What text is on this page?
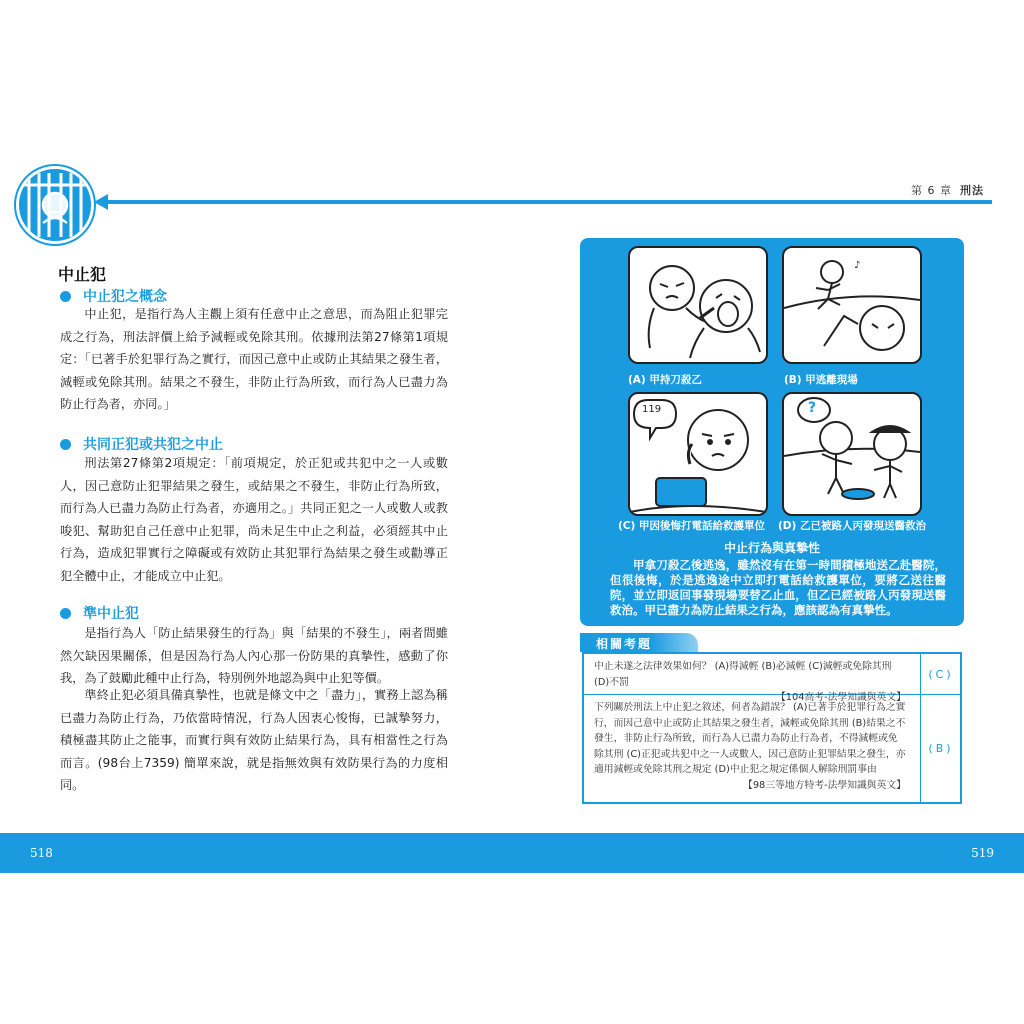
第 6 章 刑法
中止犯
中止犯之概念
中止犯，是指行為人主觀上須有任意中止之意思，而為阻止犯罪完成之行為，刑法評價上給予減輕或免除其刑。依據刑法第27條第1項規定：「已著手於犯罪行為之實行，而因己意中止或防止其結果之發生者，減輕或免除其刑。結果之不發生，非防止行為所致，而行為人已盡力為防止行為者，亦同。」
共同正犯或共犯之中止
刑法第27條第2項規定：「前項規定，於正犯或共犯中之一人或數人，因己意防止犯罪結果之發生，或結果之不發生，非防止行為所致，而行為人已盡力為防止行為者，亦適用之。」共同正犯之一人或數人或教唆犯、幫助犯自己任意中止犯罪，尚未足生中止之利益，必須經其中止行為，造成犯罪實行之障礙或有效防止其犯罪行為結果之發生或勸導正犯全體中止，才能成立中止犯。
準中止犯
是指行為人「防止結果發生的行為」與「結果的不發生」，兩者間雖然欠缺因果關係，但是因為行為人內心那一份防果的真摯性，感動了你我，為了鼓勵此種中止行為，特別例外地認為與中止犯等價。
準終止犯必須具備真摯性，也就是條文中之「盡力」，實務上認為稱已盡力為防止行為，乃依當時情況，行為人因衷心悛悔，已誠摯努力，積極盡其防止之能事，而實行與有效防止結果行為，具有相當性之行為而言。(98台上7359) 簡單來說，就是指無效與有效防果行為的力度相同。
(A) 甲持刀殺乙
♪
(B) 甲逃離現場
(C) 甲因後悔打電話給救護單位
119
(D) 乙已被路人丙發現送醫救治
?
中止行為與真摯性
甲拿刀殺乙後逃逸，雖然沒有在第一時間積極地送乙赴醫院，但很後悔，於是逃逸途中立即打電話給救護單位，要將乙送往醫院，並立即返回事發現場要替乙止血，但乙已經被路人丙發現送醫救治。甲已盡力為防止結果之行為，應該認為有真摯性。
相關考題
中止未遂之法律效果如何？ (A)得減輕 (B)必減輕 (C)減輕或免除其刑 (D)不罰
【104高考-法學知識與英文】
(C)
下列關於刑法上中止犯之敘述，何者為錯誤？ (A)已著手於犯罪行為之實行，而因己意中止或防止其結果之發生者，減輕或免除其刑 (B)結果之不發生，非防止行為所致，而行為人已盡力為防止行為者，不得減輕或免除其刑 (C)正犯或共犯中之一人或數人，因己意防止犯罪結果之發生，亦適用減輕或免除其刑之規定 (D)中止犯之規定係個人解除刑罰事由
【98三等地方特考-法學知識與英文】
(B)
518	519
